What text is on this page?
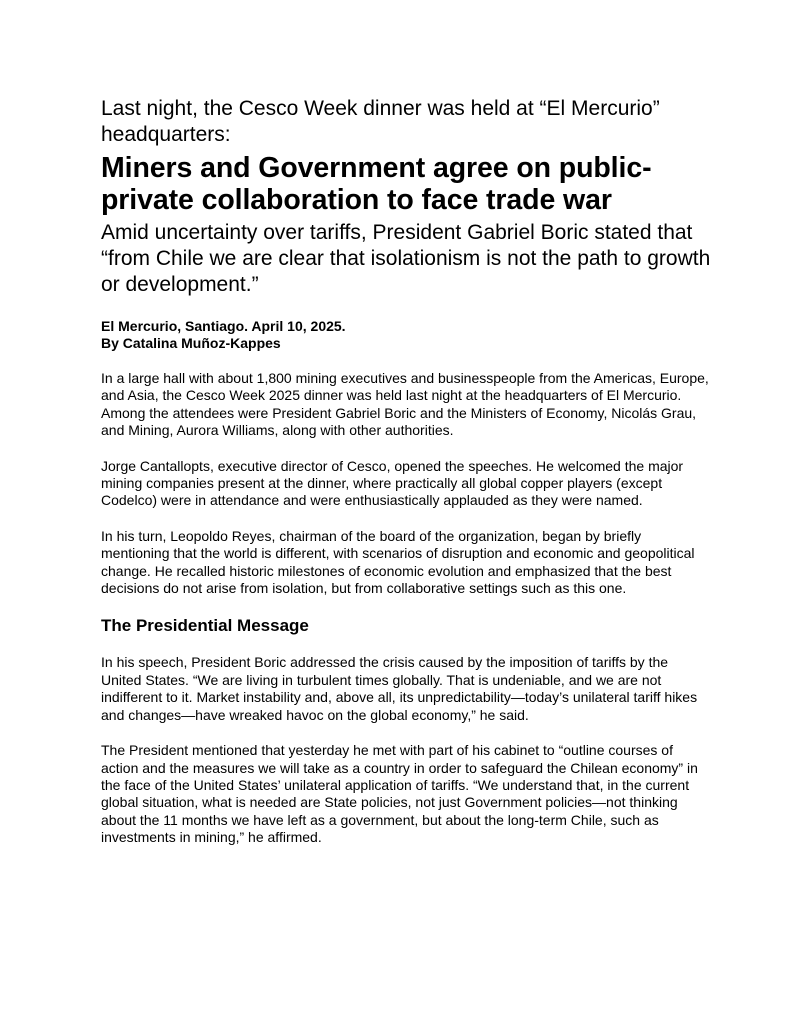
Last night, the Cesco Week dinner was held at “El Mercurio” headquarters:

Miners and Government agree on public-private collaboration to face trade war

Amid uncertainty over tariffs, President Gabriel Boric stated that “from Chile we are clear that isolationism is not the path to growth or development.”

El Mercurio, Santiago. April 10, 2025.
By Catalina Muñoz-Kappes

In a large hall with about 1,800 mining executives and businesspeople from the Americas, Europe, and Asia, the Cesco Week 2025 dinner was held last night at the headquarters of El Mercurio. Among the attendees were President Gabriel Boric and the Ministers of Economy, Nicolás Grau, and Mining, Aurora Williams, along with other authorities.

Jorge Cantallopts, executive director of Cesco, opened the speeches. He welcomed the major mining companies present at the dinner, where practically all global copper players (except Codelco) were in attendance and were enthusiastically applauded as they were named.

In his turn, Leopoldo Reyes, chairman of the board of the organization, began by briefly mentioning that the world is different, with scenarios of disruption and economic and geopolitical change. He recalled historic milestones of economic evolution and emphasized that the best decisions do not arise from isolation, but from collaborative settings such as this one.

The Presidential Message

In his speech, President Boric addressed the crisis caused by the imposition of tariffs by the United States. “We are living in turbulent times globally. That is undeniable, and we are not indifferent to it. Market instability and, above all, its unpredictability—today’s unilateral tariff hikes and changes—have wreaked havoc on the global economy,” he said.

The President mentioned that yesterday he met with part of his cabinet to “outline courses of action and the measures we will take as a country in order to safeguard the Chilean economy” in the face of the United States’ unilateral application of tariffs. “We understand that, in the current global situation, what is needed are State policies, not just Government policies—not thinking about the 11 months we have left as a government, but about the long-term Chile, such as investments in mining,” he affirmed.
